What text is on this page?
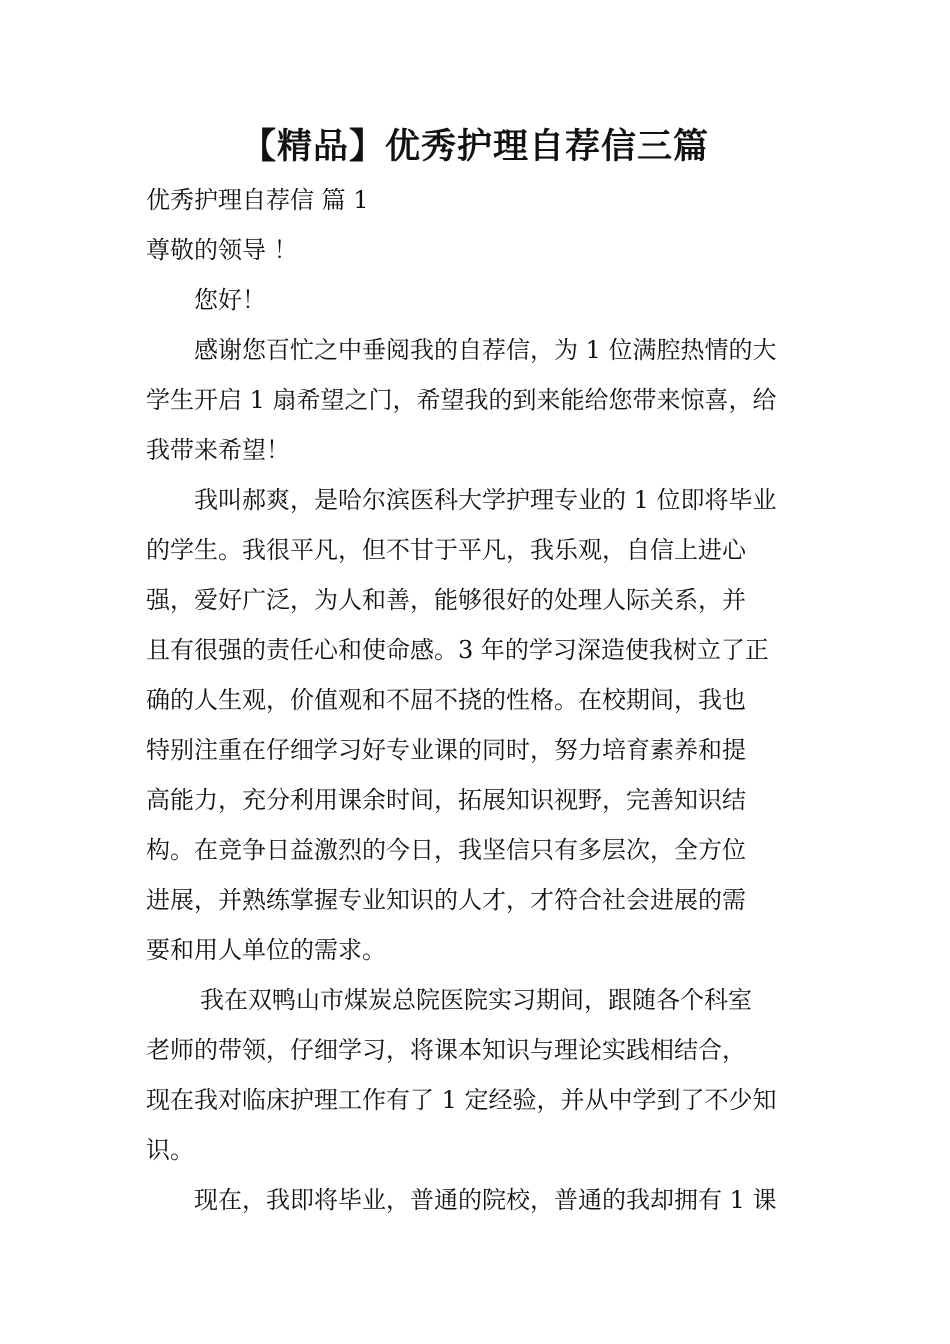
【精品】优秀护理自荐信三篇

优秀护理自荐信 篇 1

尊敬的领导 ！

您好！

感谢您百忙之中垂阅我的自荐信，为 1 位满腔热情的大

学生开启 1 扇希望之门，希望我的到来能给您带来惊喜，给

我带来希望！

我叫郝爽，是哈尔滨医科大学护理专业的 1 位即将毕业

的学生。我很平凡，但不甘于平凡，我乐观，自信上进心

强，爱好广泛，为人和善，能够很好的处理人际关系，并

且有很强的责任心和使命感。3 年的学习深造使我树立了正

确的人生观，价值观和不屈不挠的性格。在校期间，我也

特别注重在仔细学习好专业课的同时，努力培育素养和提

高能力，充分利用课余时间，拓展知识视野，完善知识结

构。在竞争日益激烈的今日，我坚信只有多层次，全方位

进展，并熟练掌握专业知识的人才，才符合社会进展的需

要和用人单位的需求。

我在双鸭山市煤炭总院医院实习期间，跟随各个科室

老师的带领，仔细学习，将课本知识与理论实践相结合，

现在我对临床护理工作有了 1 定经验，并从中学到了不少知

识。

现在，我即将毕业，普通的院校，普通的我却拥有 1 课
